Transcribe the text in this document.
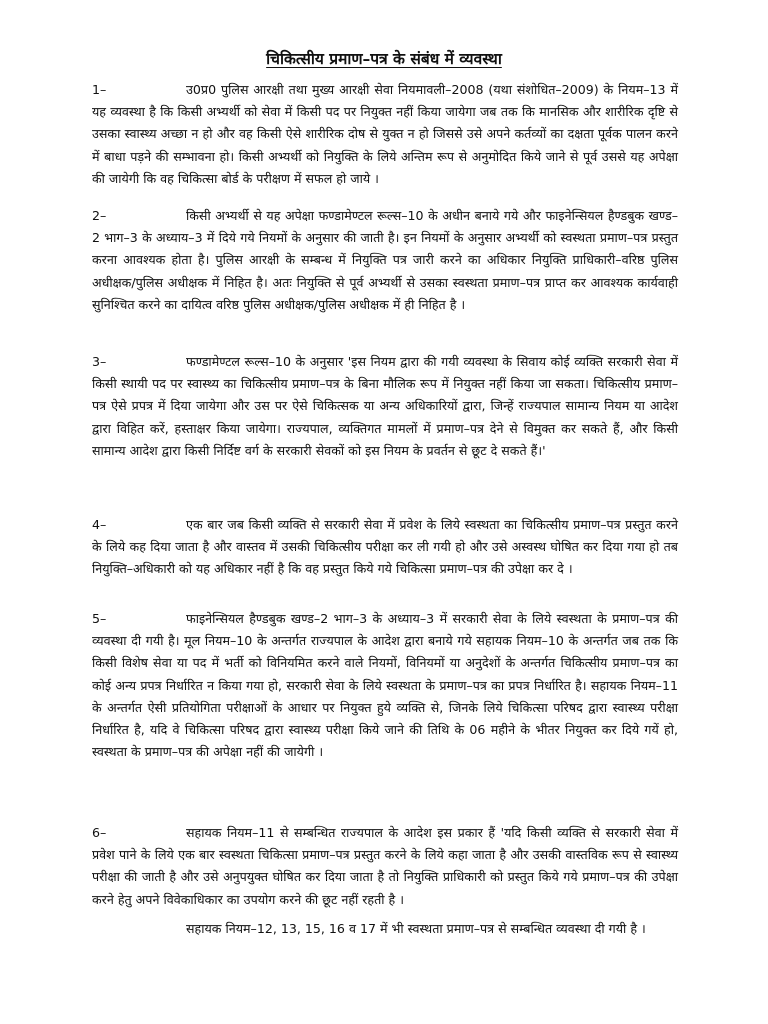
चिकित्सीय प्रमाण–पत्र के संबंध में व्यवस्था
1–	उ0प्र0 पुलिस आरक्षी तथा मुख्य आरक्षी सेवा नियमावली–2008 (यथा संशोधित–2009) के नियम–13 में यह व्यवस्था है कि किसी अभ्यर्थी को सेवा में किसी पद पर नियुक्त नहीं किया जायेगा जब तक कि मानसिक और शारीरिक दृष्टि से उसका स्वास्थ्य अच्छा न हो और वह किसी ऐसे शारीरिक दोष से युक्त न हो जिससे उसे अपने कर्तव्यों का दक्षता पूर्वक पालन करने में बाधा पड़ने की सम्भावना हो। किसी अभ्यर्थी को नियुक्ति के लिये अन्तिम रूप से अनुमोदित किये जाने से पूर्व उससे यह अपेक्षा की जायेगी कि वह चिकित्सा बोर्ड के परीक्षण में सफल हो जाये ।
2–	किसी अभ्यर्थी से यह अपेक्षा फण्डामेण्टल रूल्स–10 के अधीन बनाये गये और फाइनेन्सियल हैण्डबुक खण्ड–2 भाग–3 के अध्याय–3 में दिये गये नियमों के अनुसार की जाती है। इन नियमों के अनुसार अभ्यर्थी को स्वस्थता प्रमाण–पत्र प्रस्तुत करना आवश्यक होता है। पुलिस आरक्षी के सम्बन्ध में नियुक्ति पत्र जारी करने का अधिकार नियुक्ति प्राधिकारी–वरिष्ठ पुलिस अधीक्षक/पुलिस अधीक्षक में निहित है। अतः नियुक्ति से पूर्व अभ्यर्थी से उसका स्वस्थता प्रमाण–पत्र प्राप्त कर आवश्यक कार्यवाही सुनिश्चित करने का दायित्व वरिष्ठ पुलिस अधीक्षक/पुलिस अधीक्षक में ही निहित है ।
3–	फण्डामेण्टल रूल्स–10 के अनुसार 'इस नियम द्वारा की गयी व्यवस्था के सिवाय कोई व्यक्ति सरकारी सेवा में किसी स्थायी पद पर स्वास्थ्य का चिकित्सीय प्रमाण–पत्र के बिना मौलिक रूप में नियुक्त नहीं किया जा सकता। चिकित्सीय प्रमाण–पत्र ऐसे प्रपत्र में दिया जायेगा और उस पर ऐसे चिकित्सक या अन्य अधिकारियों द्वारा, जिन्हें राज्यपाल सामान्य नियम या आदेश द्वारा विहित करें, हस्ताक्षर किया जायेगा। राज्यपाल, व्यक्तिगत मामलों में प्रमाण–पत्र देने से विमुक्त कर सकते हैं, और किसी सामान्य आदेश द्वारा किसी निर्दिष्ट वर्ग के सरकारी सेवकों को इस नियम के प्रवर्तन से छूट दे सकते हैं।'
4–	एक बार जब किसी व्यक्ति से सरकारी सेवा में प्रवेश के लिये स्वस्थता का चिकित्सीय प्रमाण–पत्र प्रस्तुत करने के लिये कह दिया जाता है और वास्तव में उसकी चिकित्सीय परीक्षा कर ली गयी हो और उसे अस्वस्थ घोषित कर दिया गया हो तब नियुक्ति–अधिकारी को यह अधिकार नहीं है कि वह प्रस्तुत किये गये चिकित्सा प्रमाण–पत्र की उपेक्षा कर दे ।
5–	फाइनेन्सियल हैण्डबुक खण्ड–2 भाग–3 के अध्याय–3 में सरकारी सेवा के लिये स्वस्थता के प्रमाण–पत्र की व्यवस्था दी गयी है। मूल नियम–10 के अन्तर्गत राज्यपाल के आदेश द्वारा बनाये गये सहायक नियम–10 के अन्तर्गत जब तक कि किसी विशेष सेवा या पद में भर्ती को विनियमित करने वाले नियमों, विनियमों या अनुदेशों के अन्तर्गत चिकित्सीय प्रमाण–पत्र का कोई अन्य प्रपत्र निर्धारित न किया गया हो, सरकारी सेवा के लिये स्वस्थता के प्रमाण–पत्र का प्रपत्र निर्धारित है। सहायक नियम–11 के अन्तर्गत ऐसी प्रतियोगिता परीक्षाओं के आधार पर नियुक्त हुये व्यक्ति से, जिनके लिये चिकित्सा परिषद द्वारा स्वास्थ्य परीक्षा निर्धारित है, यदि वे चिकित्सा परिषद द्वारा स्वास्थ्य परीक्षा किये जाने की तिथि के 06 महीने के भीतर नियुक्त कर दिये गयें हो, स्वस्थता के प्रमाण–पत्र की अपेक्षा नहीं की जायेगी ।
6–	सहायक नियम–11 से सम्बन्धित राज्यपाल के आदेश इस प्रकार हैं 'यदि किसी व्यक्ति से सरकारी सेवा में प्रवेश पाने के लिये एक बार स्वस्थता चिकित्सा प्रमाण–पत्र प्रस्तुत करने के लिये कहा जाता है और उसकी वास्तविक रूप से स्वास्थ्य परीक्षा की जाती है और उसे अनुपयुक्त घोषित कर दिया जाता है तो नियुक्ति प्राधिकारी को प्रस्तुत किये गये प्रमाण–पत्र की उपेक्षा करने हेतु अपने विवेकाधिकार का उपयोग करने की छूट नहीं रहती है ।
सहायक नियम–12, 13, 15, 16 व 17 में भी स्वस्थता प्रमाण–पत्र से सम्बन्धित व्यवस्था दी गयी है ।
